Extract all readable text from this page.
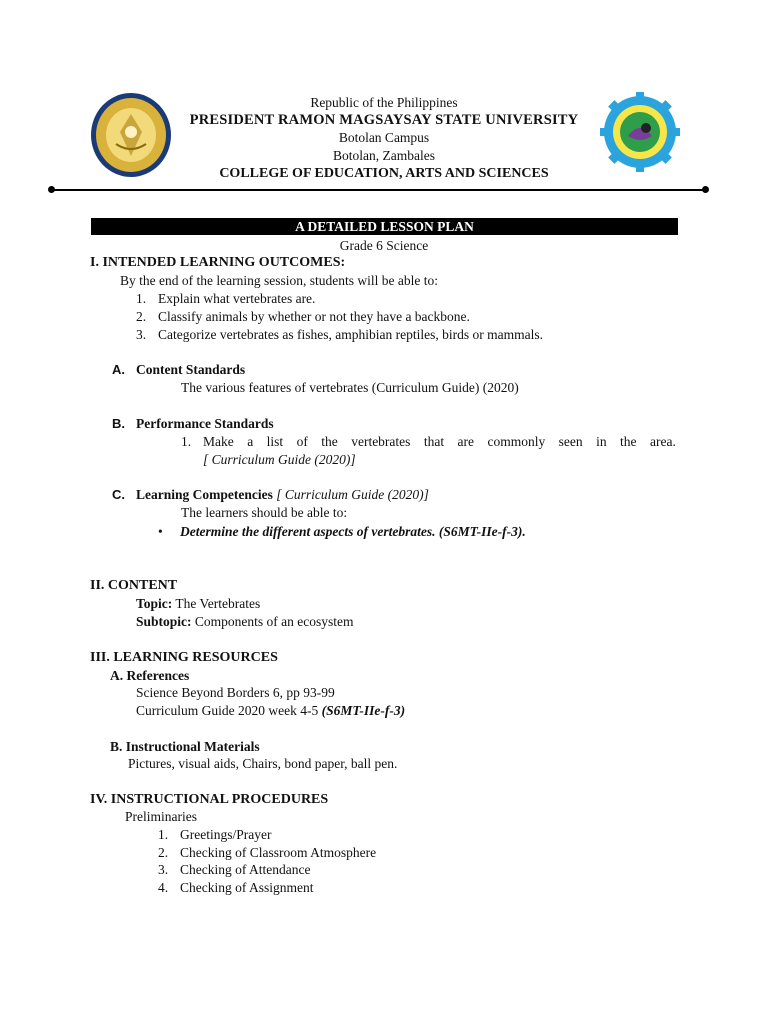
Republic of the Philippines
PRESIDENT RAMON MAGSAYSAY STATE UNIVERSITY
Botolan Campus
Botolan, Zambales
COLLEGE OF EDUCATION, ARTS AND SCIENCES
A DETAILED LESSON PLAN
Grade 6 Science
I. INTENDED LEARNING OUTCOMES:
By the end of the learning session, students will be able to:
1. Explain what vertebrates are.
2. Classify animals by whether or not they have a backbone.
3. Categorize vertebrates as fishes, amphibian reptiles, birds or mammals.
A. Content Standards
The various features of vertebrates (Curriculum Guide) (2020)
B. Performance Standards
1. Make a list of the vertebrates that are commonly seen in the area.
[ Curriculum Guide (2020)]
C. Learning Competencies [ Curriculum Guide (2020)]
The learners should be able to:
• Determine the different aspects of vertebrates. (S6MT-IIe-f-3).
II. CONTENT
Topic: The Vertebrates
Subtopic: Components of an ecosystem
III. LEARNING RESOURCES
A. References
Science Beyond Borders 6, pp 93-99
Curriculum Guide 2020 week 4-5 (S6MT-IIe-f-3)
B. Instructional Materials
Pictures, visual aids, Chairs, bond paper, ball pen.
IV. INSTRUCTIONAL PROCEDURES
Preliminaries
1. Greetings/Prayer
2. Checking of Classroom Atmosphere
3. Checking of Attendance
4. Checking of Assignment
